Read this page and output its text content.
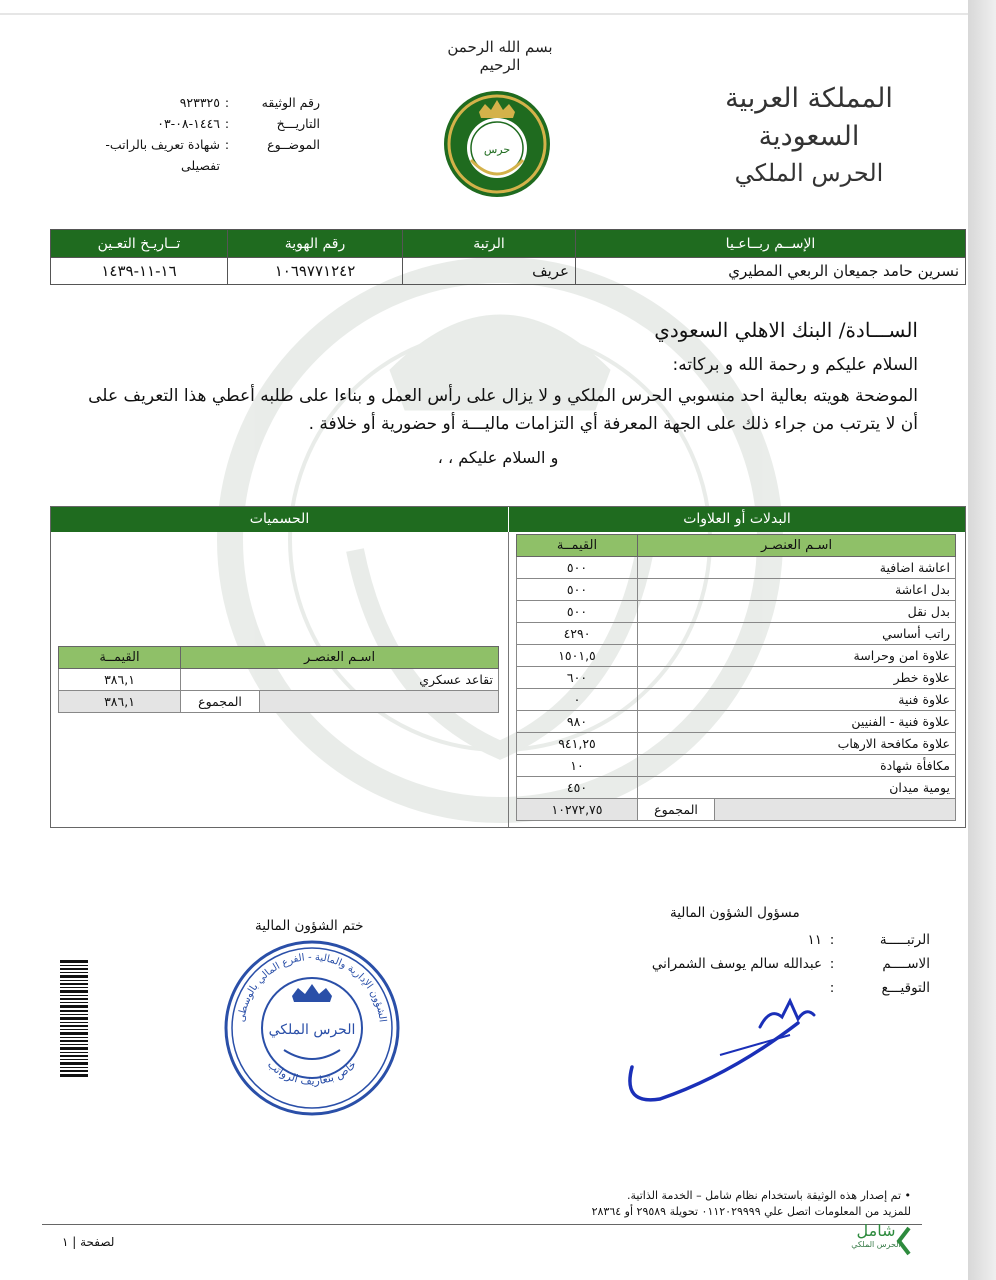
رقم الوثيقه
:
٩٢٣٣٢٥
التاريـــخ
:
١٤٤٦-٠٨-٠٣
الموضــوع
:
شهادة تعريف بالراتب- تفصيلى
بسم الله الرحمن الرحيم
حرس
المملكة العربية السعودية
الحرس الملكي
الإســم ربــاعـيا	الرتبة	رقم الهوية	تــاريـخ التعـين
نسرين حامد جميعان الربعي المطيري	عريف	١٠٦٩٧٧١٢٤٢	١٦-١١-١٤٣٩
الســـادة/ البنك الاهلي السعودي
السلام عليكم و رحمة الله و بركاته:
الموضحة هويته بعالية احد منسوبي الحرس الملكي و لا يزال على رأس العمل و بناءا على طلبه أعطي هذا التعريف على أن لا يترتب من جراء ذلك على الجهة المعرفة أي التزامات ماليـــة أو حضورية أو خلافة .
و السلام عليكم ، ،
البدلات أو العلاوات
الحسميات
اسـم العنصـر	القيمــة
اعاشة اضافية	٥٠٠
بدل اعاشة	٥٠٠
بدل نقل	٥٠٠
راتب أساسي	٤٢٩٠
علاوة امن وحراسة	١٥٠١,٥
علاوة خطر	٦٠٠
علاوة فنية	٠
علاوة فنية - الفنيين	٩٨٠
علاوة مكافحة الارهاب	٩٤١,٢٥
مكافأة شهادة	١٠
يومية ميدان	٤٥٠

المجموع	١٠٢٧٢,٧٥
اسـم العنصـر	القيمــة
تقاعد عسكري	٣٨٦,١

المجموع	٣٨٦,١
مسؤول الشؤون المالية
الرتبـــــة
:
١١
الاســــم
:
عبدالله سالم يوسف الشمراني
التوقيـــع
:
ختم الشؤون المالية
الشؤون الإدارية والمالية - الفرع المالي بالوسطى
خاص بتعاريف الرواتب
الحرس الملكي
• تم إصدار هذه الوثيقة باستخدام نظام شامل – الخدمة الذاتية.
للمزيد من المعلومات اتصل علي ٠١١٢٠٢٩٩٩٩ تحويلة ٢٩٥٨٩ أو ٢٨٣٦٤
لصفحة | ١
شامل
الحرس الملكي
